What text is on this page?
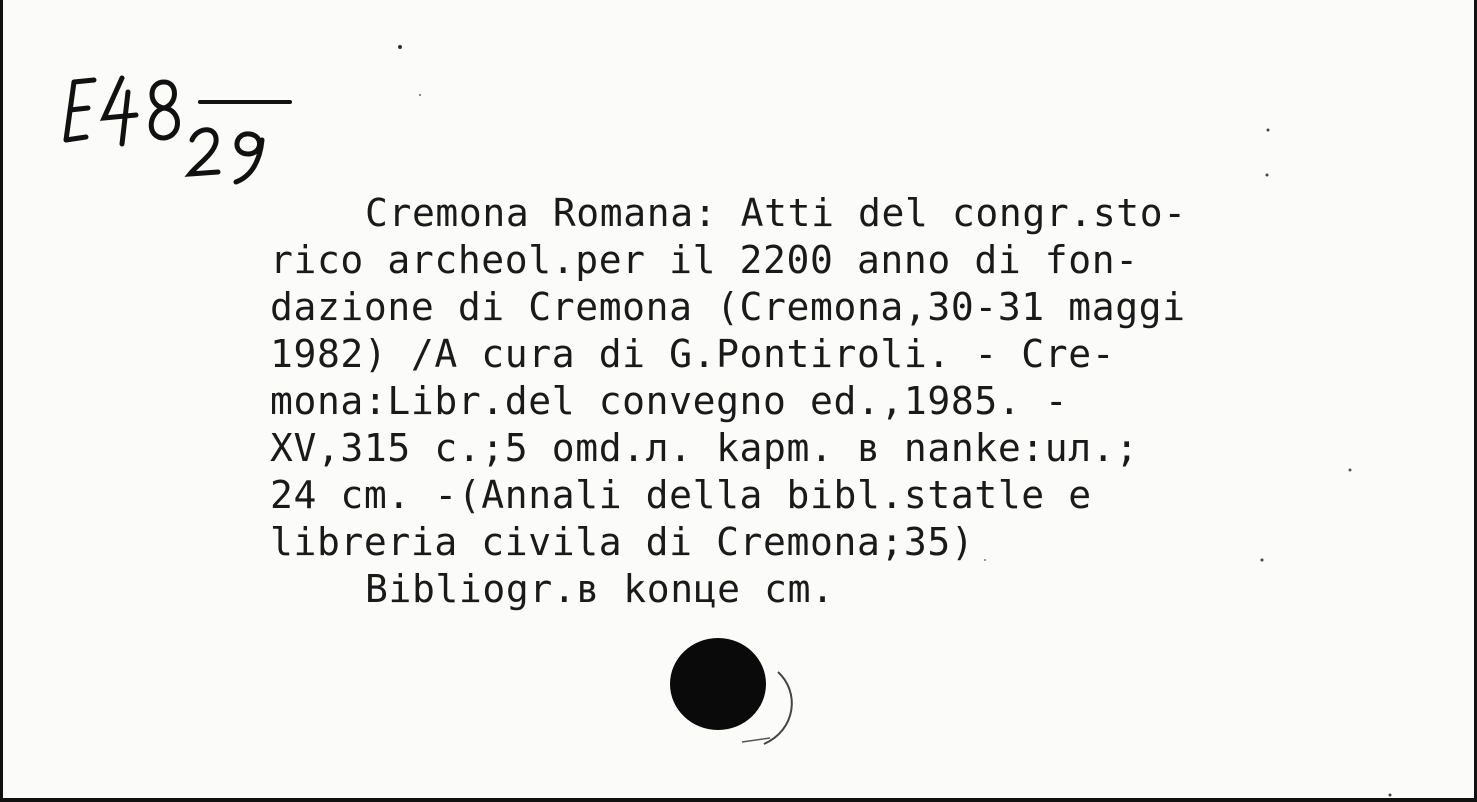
Cremona Romana: Atti del congr.sto-
rico archeol.per il 2200 anno di fon-
dazione di Cremona (Cremona,30-31 maggi
1982) /A cura di G.Pontiroli. - Cre-
mona:Libr.del convegno ed.,1985. -
XV,315 c.;5 omd.л. kapm. в nanke:uл.;
24 cm. -(Annali della bibl.statle e
libreria civila di Cremona;35)
Bibliogr.в konце cm.
